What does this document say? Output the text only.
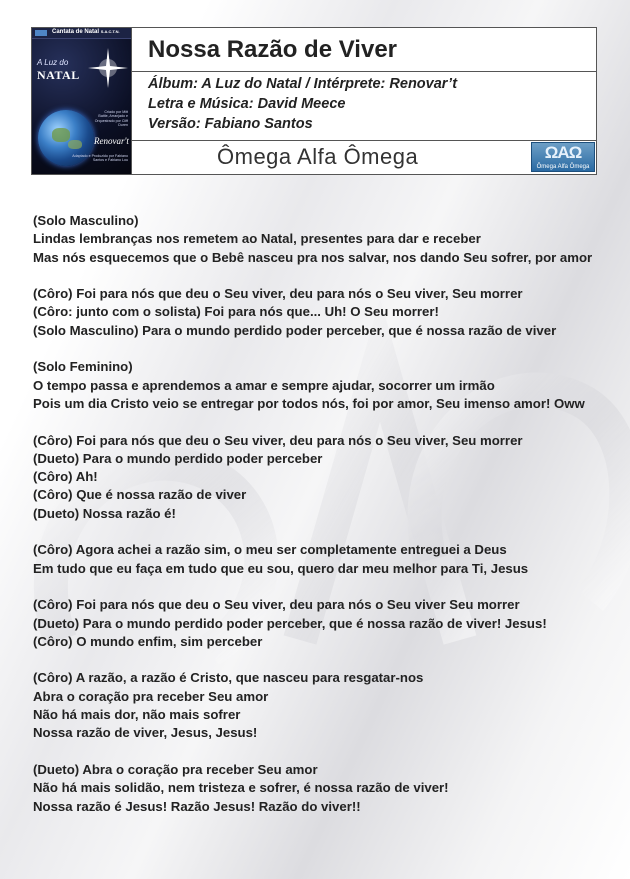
Cantata de Natal S.A.C.T.N.
A Luz do
NATAL
Criado por Mitt Battle, Arranjado e Orquestrado por Cliff Duren
Renovar't
Adaptado e Produzido por Fabiano Santos e Fabiano Lou
Nossa Razão de Viver
Álbum: A Luz do Natal / Intérprete: Renovar’t
Letra e Música: David Meece
Versão: Fabiano Santos
Ômega Alfa Ômega	ΩΑΩ
Ômega Alfa Ômega
(Solo Masculino)
Lindas lembranças nos remetem ao Natal, presentes para dar e receber
Mas nós esquecemos que o Bebê nasceu pra nos salvar, nos dando Seu sofrer, por amor
(Côro) Foi para nós que deu o Seu viver, deu para nós o Seu viver, Seu morrer
(Côro: junto com o solista) Foi para nós que... Uh! O Seu morrer!
(Solo Masculino) Para o mundo perdido poder perceber, que é nossa razão de viver
(Solo Feminino)
O tempo passa e aprendemos a amar e sempre ajudar, socorrer um irmão
Pois um dia Cristo veio se entregar por todos nós, foi por amor, Seu imenso amor! Oww
(Côro) Foi para nós que deu o Seu viver, deu para nós o Seu viver, Seu morrer
(Dueto) Para o mundo perdido poder perceber
(Côro) Ah!
(Côro) Que é nossa razão de viver
(Dueto) Nossa razão é!
(Côro) Agora achei a razão sim, o meu ser completamente entreguei a Deus
Em tudo que eu faça em tudo que eu sou, quero dar meu melhor para Ti, Jesus
(Côro) Foi para nós que deu o Seu viver, deu para nós o Seu viver Seu morrer
(Dueto) Para o mundo perdido poder perceber, que é nossa razão de viver! Jesus!
(Côro) O mundo enfim, sim perceber
(Côro) A razão, a razão é Cristo, que nasceu para resgatar-nos
Abra o coração pra receber Seu amor
Não há mais dor, não mais sofrer
Nossa razão de viver, Jesus, Jesus!
(Dueto) Abra o coração pra receber Seu amor
Não há mais solidão, nem tristeza e sofrer, é nossa razão de viver!
Nossa razão é Jesus! Razão Jesus! Razão do viver!!
